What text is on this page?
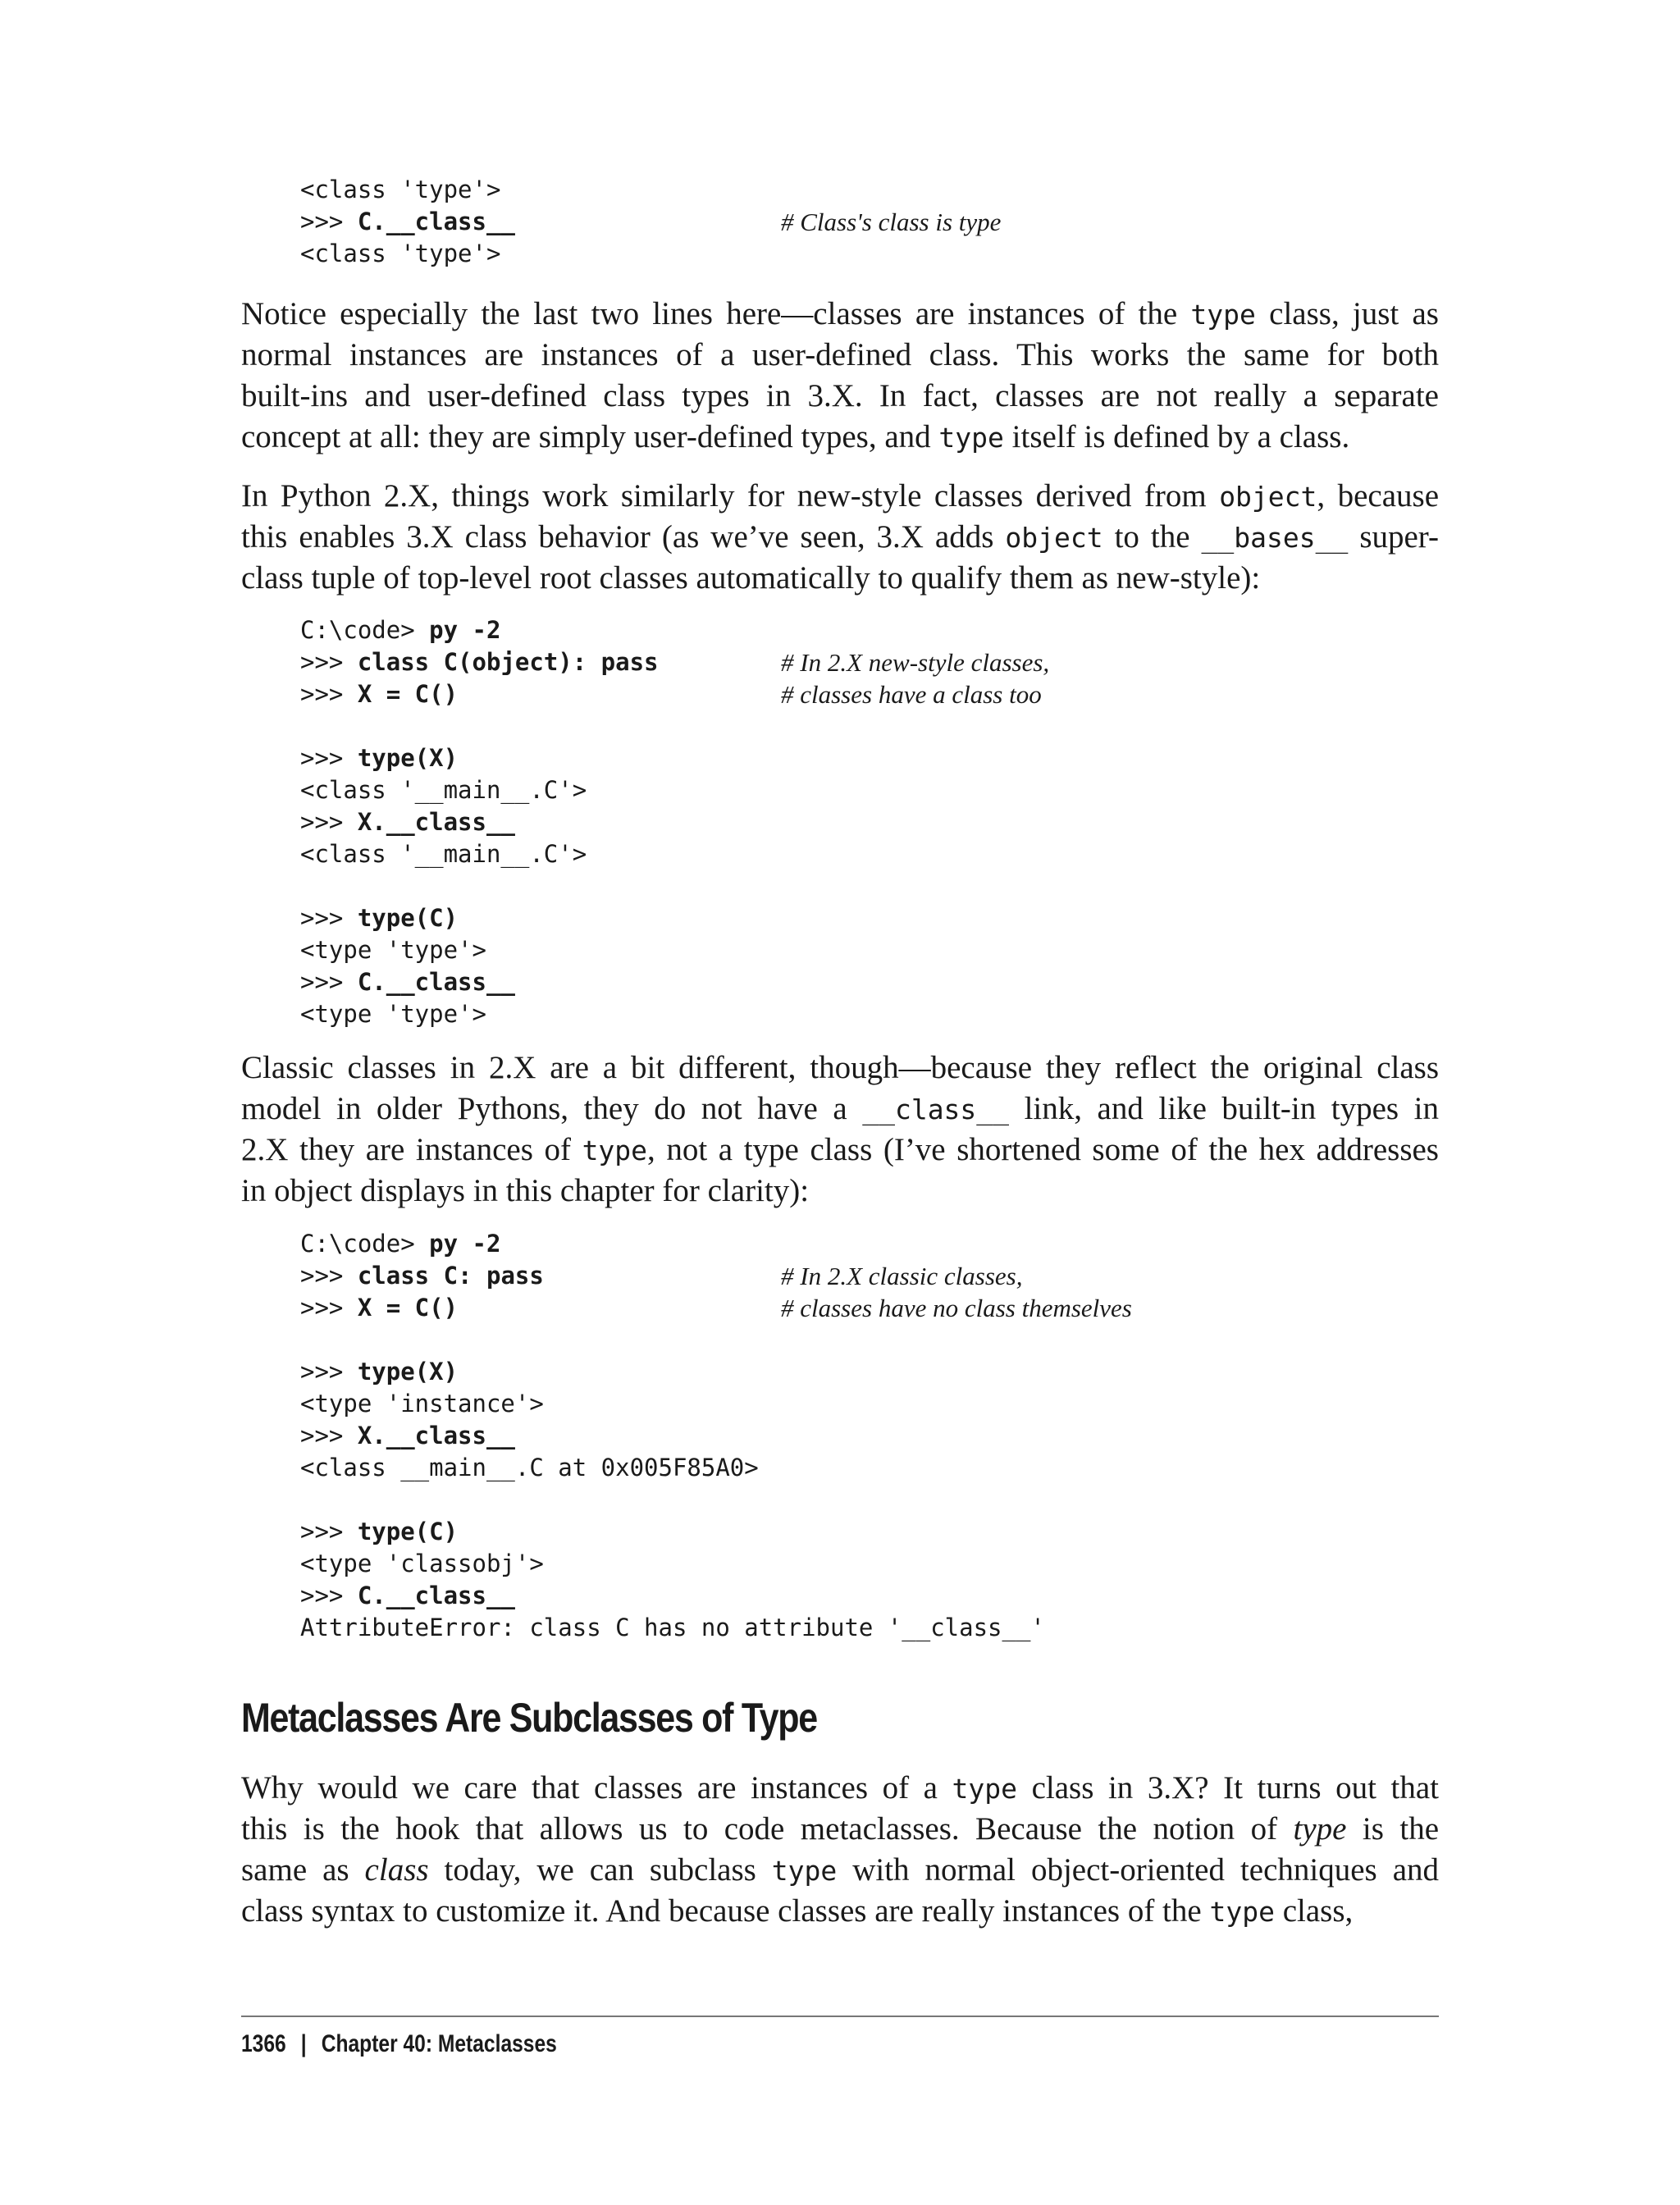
<class 'type'>
>>> C.__class__	# Class's class is type
<class 'type'>
Notice especially the last two lines here—classes are instances of the type class, just as
normal instances are instances of a user-defined class. This works the same for both
built-ins and user-defined class types in 3.X. In fact, classes are not really a separate
concept at all: they are simply user-defined types, and type itself is defined by a class.
In Python 2.X, things work similarly for new-style classes derived from object, because
this enables 3.X class behavior (as we’ve seen, 3.X adds object to the __bases__ super-
class tuple of top-level root classes automatically to qualify them as new-style):
C:\code> py -2
>>> class C(object): pass	# In 2.X new-style classes,
>>> X = C()	# classes have a class too
>>> type(X)
<class '__main__.C'>
>>> X.__class__
<class '__main__.C'>
>>> type(C)
<type 'type'>
>>> C.__class__
<type 'type'>
Classic classes in 2.X are a bit different, though—because they reflect the original class
model in older Pythons, they do not have a __class__ link, and like built-in types in
2.X they are instances of type, not a type class (I’ve shortened some of the hex addresses
in object displays in this chapter for clarity):
C:\code> py -2
>>> class C: pass	# In 2.X classic classes,
>>> X = C()	# classes have no class themselves
>>> type(X)
<type 'instance'>
>>> X.__class__
<class __main__.C at 0x005F85A0>
>>> type(C)
<type 'classobj'>
>>> C.__class__
AttributeError: class C has no attribute '__class__'
Metaclasses Are Subclasses of Type
Why would we care that classes are instances of a type class in 3.X? It turns out that
this is the hook that allows us to code metaclasses. Because the notion of type is the
same as class today, we can subclass type with normal object-oriented techniques and
class syntax to customize it. And because classes are really instances of the type class,
1366 | Chapter 40: Metaclasses
